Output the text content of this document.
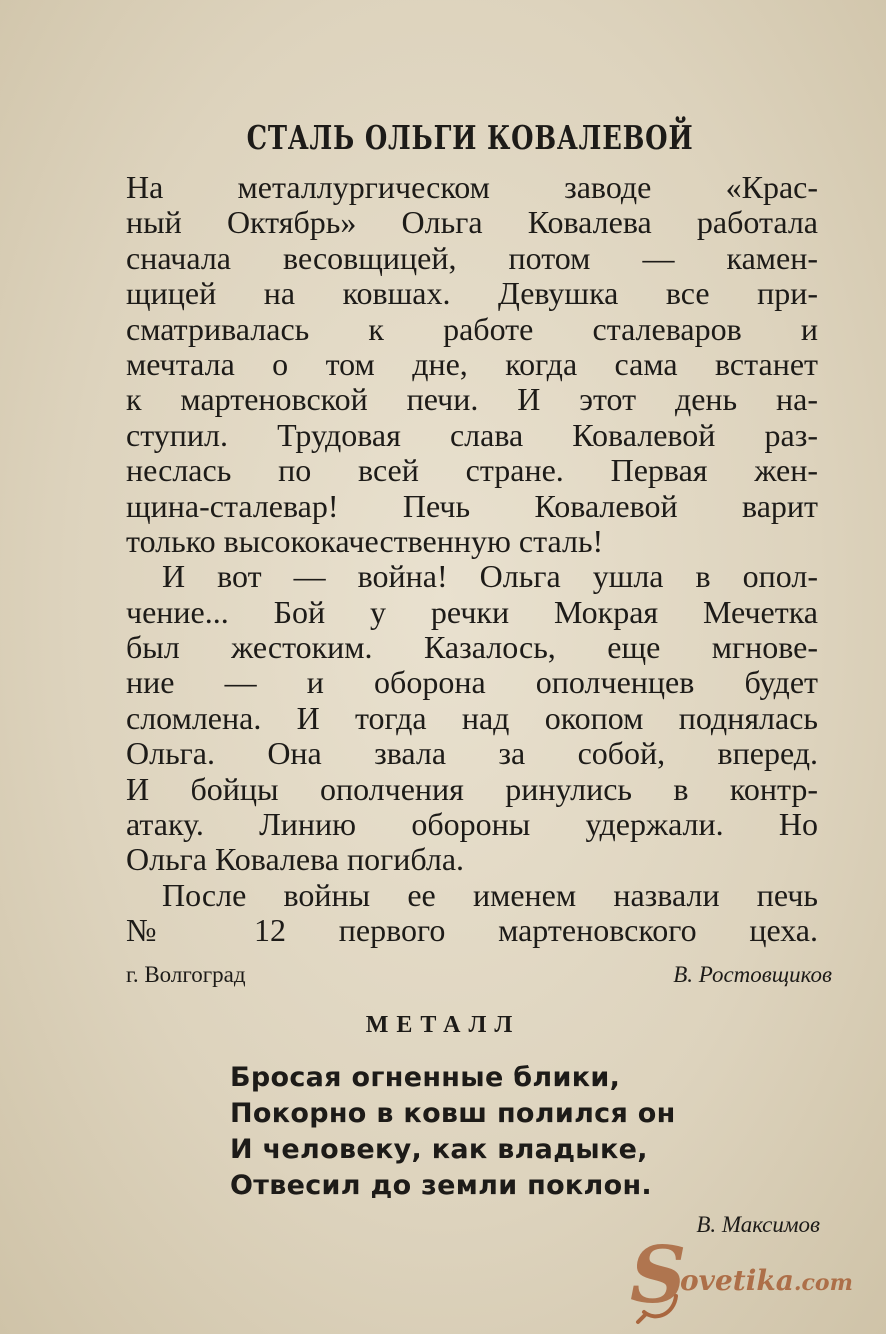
СТАЛЬ ОЛЬГИ КОВАЛЕВОЙ
На металлургическом заводе «Крас-
ный Октябрь» Ольга Ковалева работала
сначала весовщицей, потом — камен-
щицей на ковшах. Девушка все при-
сматривалась к работе сталеваров и
мечтала о том дне, когда сама встанет
к мартеновской печи. И этот день на-
ступил. Трудовая слава Ковалевой раз-
неслась по всей стране. Первая жен-
щина-сталевар! Печь Ковалевой варит
только высококачественную сталь!
И вот — война! Ольга ушла в опол-
чение... Бой у речки Мокрая Мечетка
был жестоким. Казалось, еще мгнове-
ние — и оборона ополченцев будет
сломлена. И тогда над окопом поднялась
Ольга. Она звала за собой, вперед.
И бойцы ополчения ринулись в контр-
атаку. Линию обороны удержали. Но
Ольга Ковалева погибла.
После войны ее именем назвали печь
№ 12 первого мартеновского цеха.
г. Волгоград	В. Ростовщиков
МЕТАЛЛ
Бросая огненные блики,
Покорно в ковш полился он
И человеку, как владыке,
Отвесил до земли поклон.
В. Максимов
S
ovetika.com
